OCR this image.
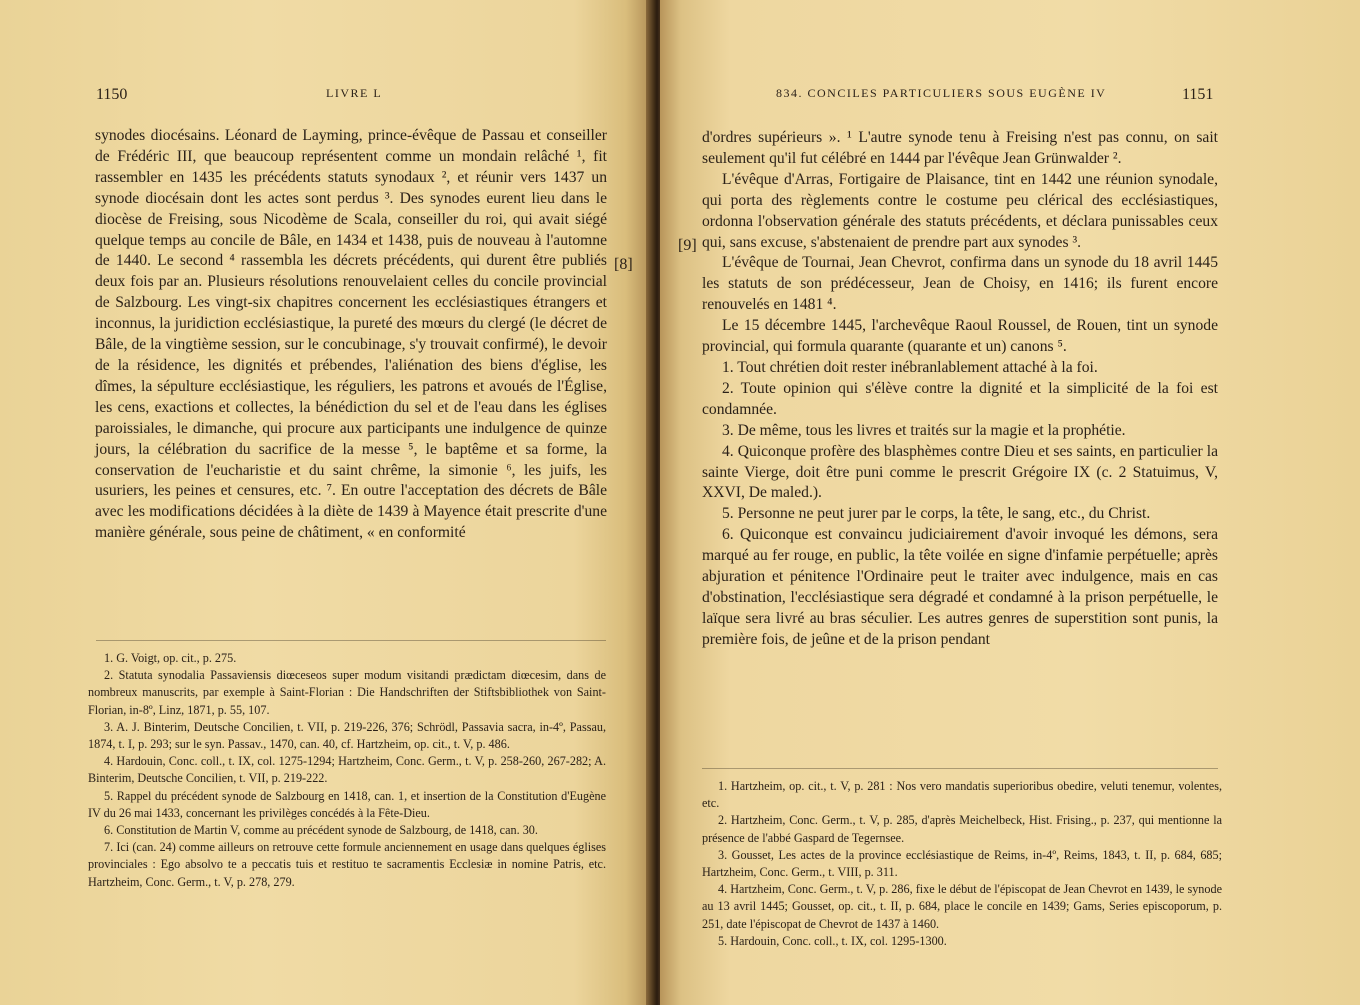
1150	LIVRE L

synodes diocésains. Léonard de Layming, prince-évêque de Passau et conseiller de Frédéric III, que beaucoup représentent comme un mondain relâché ¹, fit rassembler en 1435 les précédents statuts synodaux ², et réunir vers 1437 un synode diocésain dont les actes sont perdus ³. Des synodes eurent lieu dans le diocèse de Freising, sous Nicodème de Scala, conseiller du roi, qui avait siégé quelque temps au concile de Bâle, en 1434 et 1438, puis de nouveau à l'automne de 1440. Le second ⁴ rassembla les décrets précédents, qui durent être publiés deux fois par an. Plusieurs résolutions renouvelaient celles du concile provincial de Salzbourg. Les vingt-six chapitres concernent les ecclésiastiques étrangers et inconnus, la juridiction ecclésiastique, la pureté des mœurs du clergé (le décret de Bâle, de la vingtième session, sur le concubinage, s'y trouvait confirmé), le devoir de la résidence, les dignités et prébendes, l'aliénation des biens d'église, les dîmes, la sépulture ecclésiastique, les réguliers, les patrons et avoués de l'Église, les cens, exactions et collectes, la bénédiction du sel et de l'eau dans les églises paroissiales, le dimanche, qui procure aux participants une indulgence de quinze jours, la célébration du sacrifice de la messe ⁵, le baptême et sa forme, la conservation de l'eucharistie et du saint chrême, la simonie ⁶, les juifs, les usuriers, les peines et censures, etc. ⁷. En outre l'acceptation des décrets de Bâle avec les modifications décidées à la diète de 1439 à Mayence était prescrite d'une manière générale, sous peine de châtiment, « en conformité

[8]

1. G. Voigt, op. cit., p. 275.

2. Statuta synodalia Passaviensis diœceseos super modum visitandi prædictam diœcesim, dans de nombreux manuscrits, par exemple à Saint-Florian : Die Handschriften der Stiftsbibliothek von Saint-Florian, in-8º, Linz, 1871, p. 55, 107.

3. A. J. Binterim, Deutsche Concilien, t. VII, p. 219-226, 376; Schrödl, Passavia sacra, in-4º, Passau, 1874, t. I, p. 293; sur le syn. Passav., 1470, can. 40, cf. Hartzheim, op. cit., t. V, p. 486.

4. Hardouin, Conc. coll., t. IX, col. 1275-1294; Hartzheim, Conc. Germ., t. V, p. 258-260, 267-282; A. Binterim, Deutsche Concilien, t. VII, p. 219-222.

5. Rappel du précédent synode de Salzbourg en 1418, can. 1, et insertion de la Constitution d'Eugène IV du 26 mai 1433, concernant les privilèges concédés à la Fête-Dieu.

6. Constitution de Martin V, comme au précédent synode de Salzbourg, de 1418, can. 30.

7. Ici (can. 24) comme ailleurs on retrouve cette formule anciennement en usage dans quelques églises provinciales : Ego absolvo te a peccatis tuis et restituo te sacramentis Ecclesiæ in nomine Patris, etc. Hartzheim, Conc. Germ., t. V, p. 278, 279.

834. CONCILES PARTICULIERS SOUS EUGÈNE IV	1151
[9]

d'ordres supérieurs ». ¹ L'autre synode tenu à Freising n'est pas connu, on sait seulement qu'il fut célébré en 1444 par l'évêque Jean Grünwalder ².

L'évêque d'Arras, Fortigaire de Plaisance, tint en 1442 une réunion synodale, qui porta des règlements contre le costume peu clérical des ecclésiastiques, ordonna l'observation générale des statuts précédents, et déclara punissables ceux qui, sans excuse, s'abstenaient de prendre part aux synodes ³.

L'évêque de Tournai, Jean Chevrot, confirma dans un synode du 18 avril 1445 les statuts de son prédécesseur, Jean de Choisy, en 1416; ils furent encore renouvelés en 1481 ⁴.

Le 15 décembre 1445, l'archevêque Raoul Roussel, de Rouen, tint un synode provincial, qui formula quarante (quarante et un) canons ⁵.

1. Tout chrétien doit rester inébranlablement attaché à la foi.

2. Toute opinion qui s'élève contre la dignité et la simplicité de la foi est condamnée.

3. De même, tous les livres et traités sur la magie et la prophétie.

4. Quiconque profère des blasphèmes contre Dieu et ses saints, en particulier la sainte Vierge, doit être puni comme le prescrit Grégoire IX (c. 2 Statuimus, V, XXVI, De maled.).

5. Personne ne peut jurer par le corps, la tête, le sang, etc., du Christ.

6. Quiconque est convaincu judiciairement d'avoir invoqué les démons, sera marqué au fer rouge, en public, la tête voilée en signe d'infamie perpétuelle; après abjuration et pénitence l'Ordinaire peut le traiter avec indulgence, mais en cas d'obstination, l'ecclésiastique sera dégradé et condamné à la prison perpétuelle, le laïque sera livré au bras séculier. Les autres genres de superstition sont punis, la première fois, de jeûne et de la prison pendant

1. Hartzheim, op. cit., t. V, p. 281 : Nos vero mandatis superioribus obedire, veluti tenemur, volentes, etc.

2. Hartzheim, Conc. Germ., t. V, p. 285, d'après Meichelbeck, Hist. Frising., p. 237, qui mentionne la présence de l'abbé Gaspard de Tegernsee.

3. Gousset, Les actes de la province ecclésiastique de Reims, in-4º, Reims, 1843, t. II, p. 684, 685; Hartzheim, Conc. Germ., t. VIII, p. 311.

4. Hartzheim, Conc. Germ., t. V, p. 286, fixe le début de l'épiscopat de Jean Chevrot en 1439, le synode au 13 avril 1445; Gousset, op. cit., t. II, p. 684, place le concile en 1439; Gams, Series episcoporum, p. 251, date l'épiscopat de Chevrot de 1437 à 1460.

5. Hardouin, Conc. coll., t. IX, col. 1295-1300.
